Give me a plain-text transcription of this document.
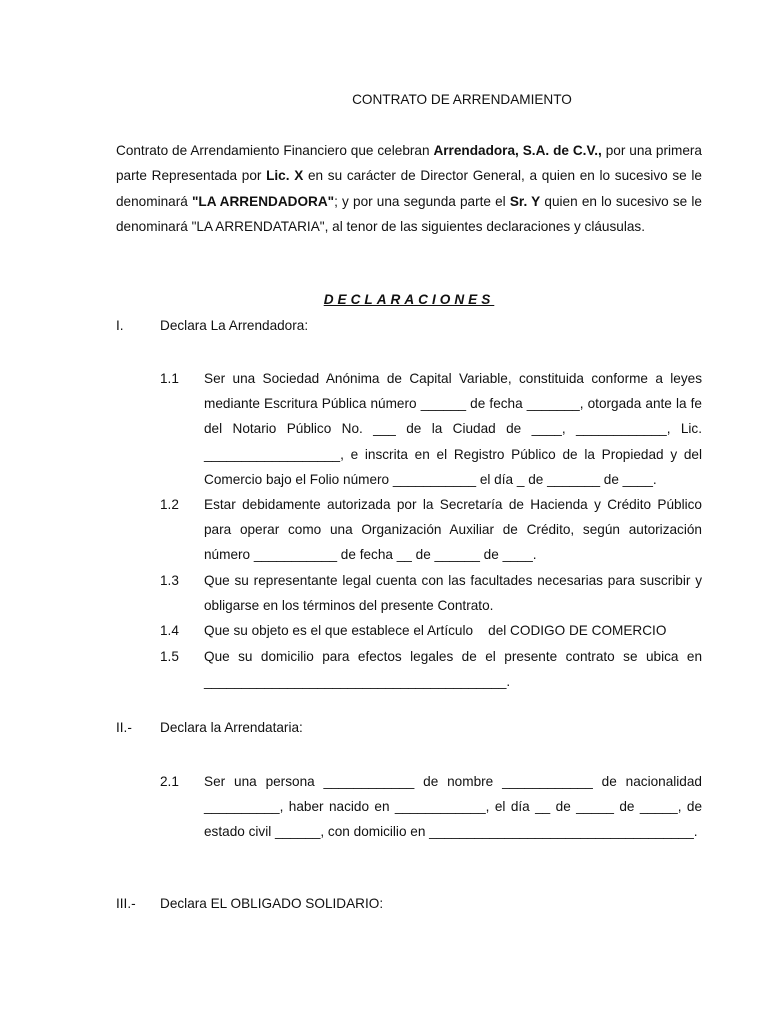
CONTRATO DE ARRENDAMIENTO
Contrato de Arrendamiento Financiero que celebran Arrendadora, S.A. de C.V., por una primera parte Representada por Lic. X en su carácter de Director General, a quien en lo sucesivo se le denominará "LA ARRENDADORA"; y por una segunda parte el Sr. Y quien en lo sucesivo se le denominará "LA ARRENDATARIA", al tenor de las siguientes declaraciones y cláusulas.
DECLARACIONES
I.	Declara La Arrendadora:
1.1 Ser una Sociedad Anónima de Capital Variable, constituida conforme a leyes mediante Escritura Pública número ______ de fecha _______, otorgada ante la fe del Notario Público No. ___ de la Ciudad de ____, ____________, Lic. __________________, e inscrita en el Registro Público de la Propiedad y del Comercio bajo el Folio número ___________ el día _ de _______ de ____.
1.2 Estar debidamente autorizada por la Secretaría de Hacienda y Crédito Público para operar como una Organización Auxiliar de Crédito, según autorización número ___________ de fecha __ de ______ de ____.
1.3 Que su representante legal cuenta con las facultades necesarias para suscribir y obligarse en los términos del presente Contrato.
1.4 Que su objeto es el que establece el Artículo    del CODIGO DE COMERCIO
1.5 Que su domicilio para efectos legales de el presente contrato se ubica en ________________________________________.
II.- Declara la Arrendataria:
2.1 Ser una persona ____________ de nombre ____________ de nacionalidad __________, haber nacido en ____________, el día __ de _____ de _____, de estado civil ______, con domicilio en ___________________________________.
III.- Declara EL OBLIGADO SOLIDARIO:
